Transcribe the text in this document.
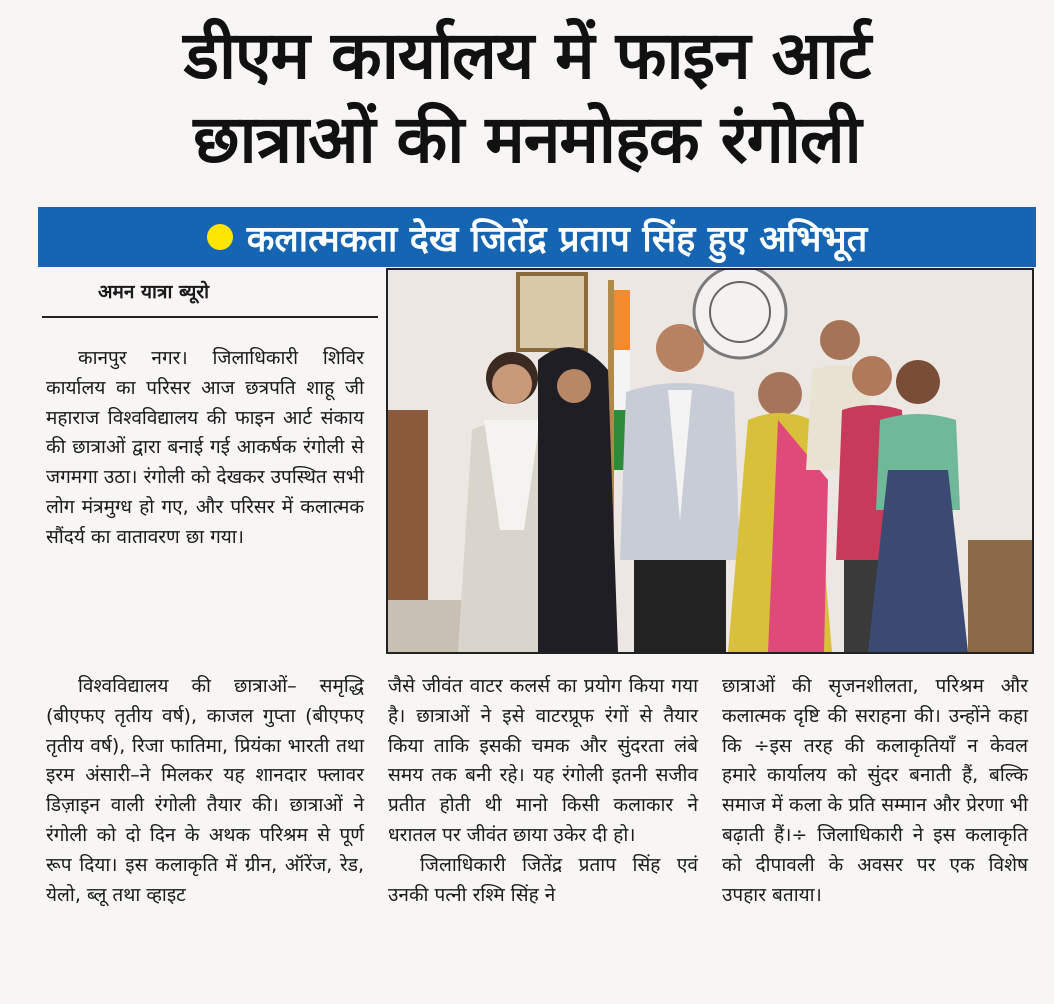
डीएम कार्यालय में फाइन आर्ट
छात्राओं की मनमोहक रंगोली
कलात्मकता देख जितेंद्र प्रताप सिंह हुए अभिभूत
अमन यात्रा ब्यूरो

कानपुर नगर। जिलाधिकारी शिविर कार्यालय का परिसर आज छत्रपति शाहू जी महाराज विश्वविद्यालय की फाइन आर्ट संकाय की छात्राओं द्वारा बनाई गई आकर्षक रंगोली से जगमगा उठा। रंगोली को देखकर उपस्थित सभी लोग मंत्रमुग्ध हो गए, और परिसर में कलात्मक सौंदर्य का वातावरण छा गया।

विश्वविद्यालय की छात्राओं– समृद्धि (बीएफए तृतीय वर्ष), काजल गुप्ता (बीएफए तृतीय वर्ष), रिजा फातिमा, प्रियंका भारती तथा इरम अंसारी–ने मिलकर यह शानदार फ्लावर डिज़ाइन वाली रंगोली तैयार की। छात्राओं ने रंगोली को दो दिन के अथक परिश्रम से पूर्ण रूप दिया। इस कलाकृति में ग्रीन, ऑरेंज, रेड, येलो, ब्लू तथा व्हाइट

जैसे जीवंत वाटर कलर्स का प्रयोग किया गया है। छात्राओं ने इसे वाटरप्रूफ रंगों से तैयार किया ताकि इसकी चमक और सुंदरता लंबे समय तक बनी रहे। यह रंगोली इतनी सजीव प्रतीत होती थी मानो किसी कलाकार ने धरातल पर जीवंत छाया उकेर दी हो।

जिलाधिकारी जितेंद्र प्रताप सिंह एवं उनकी पत्नी रश्मि सिंह ने

छात्राओं की सृजनशीलता, परिश्रम और कलात्मक दृष्टि की सराहना की। उन्होंने कहा कि ÷इस तरह की कलाकृतियाँ न केवल हमारे कार्यालय को सुंदर बनाती हैं, बल्कि समाज में कला के प्रति सम्मान और प्रेरणा भी बढ़ाती हैं।÷ जिलाधिकारी ने इस कलाकृति को दीपावली के अवसर पर एक विशेष उपहार बताया।
